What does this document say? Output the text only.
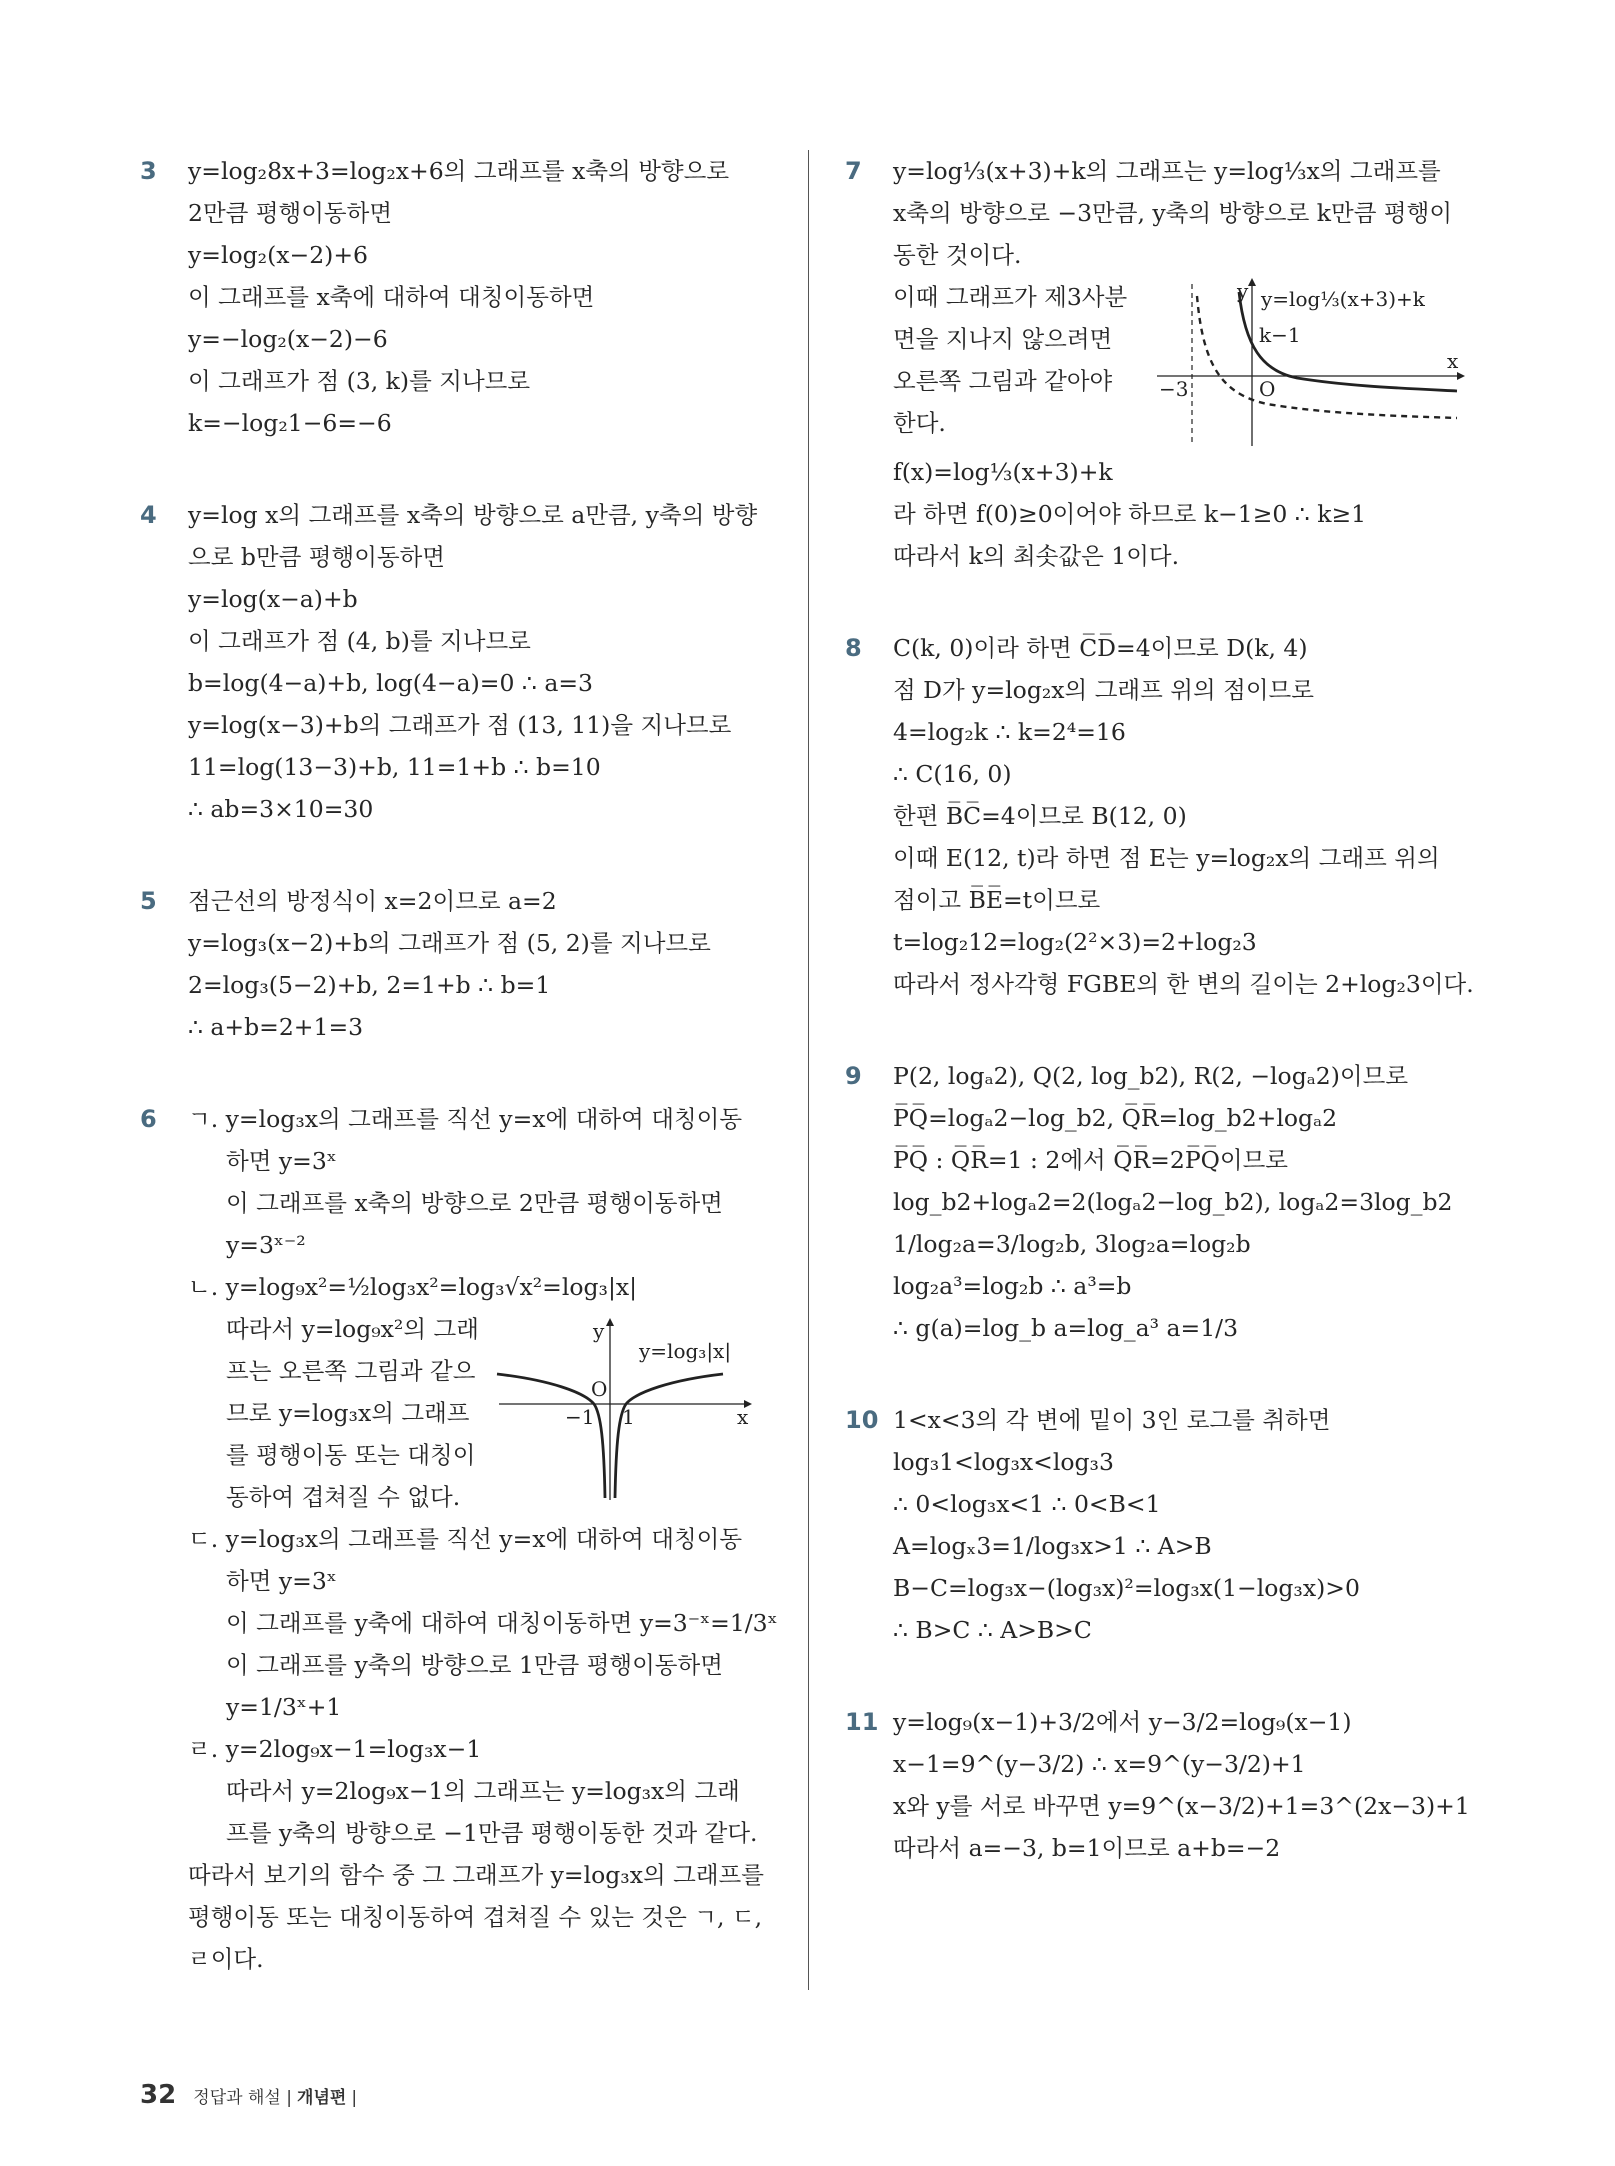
3	y=log₂8x+3=log₂x+6의 그래프를 x축의 방향으로
2만큼 평행이동하면
y=log₂(x−2)+6
이 그래프를 x축에 대하여 대칭이동하면
y=−log₂(x−2)−6
이 그래프가 점 (3, k)를 지나므로
k=−log₂1−6=−6
4	y=log x의 그래프를 x축의 방향으로 a만큼, y축의 방향
으로 b만큼 평행이동하면
y=log(x−a)+b
이 그래프가 점 (4, b)를 지나므로
b=log(4−a)+b, log(4−a)=0 ∴ a=3
y=log(x−3)+b의 그래프가 점 (13, 11)을 지나므로
11=log(13−3)+b, 11=1+b ∴ b=10
∴ ab=3×10=30
5	점근선의 방정식이 x=2이므로 a=2
y=log₃(x−2)+b의 그래프가 점 (5, 2)를 지나므로
2=log₃(5−2)+b, 2=1+b ∴ b=1
∴ a+b=2+1=3
6	ㄱ. y=log₃x의 그래프를 직선 y=x에 대하여 대칭이동
하면 y=3ˣ
이 그래프를 x축의 방향으로 2만큼 평행이동하면
y=3ˣ⁻²
ㄴ. y=log₉x²=½log₃x²=log₃√x²=log₃|x|
따라서 y=log₉x²의 그래
프는 오른쪽 그림과 같으
므로 y=log₃x의 그래프
를 평행이동 또는 대칭이
동하여 겹쳐질 수 없다.
y=log₃|x|
y
x
O
−1 1
ㄷ. y=log₃x의 그래프를 직선 y=x에 대하여 대칭이동
하면 y=3ˣ
이 그래프를 y축에 대하여 대칭이동하면 y=3⁻ˣ=1/3ˣ
이 그래프를 y축의 방향으로 1만큼 평행이동하면
y=1/3ˣ+1
ㄹ. y=2log₉x−1=log₃x−1
따라서 y=2log₉x−1의 그래프는 y=log₃x의 그래
프를 y축의 방향으로 −1만큼 평행이동한 것과 같다.
따라서 보기의 함수 중 그 그래프가 y=log₃x의 그래프를
평행이동 또는 대칭이동하여 겹쳐질 수 있는 것은 ㄱ, ㄷ,
ㄹ이다.
7	y=log⅓(x+3)+k의 그래프는 y=log⅓x의 그래프를
x축의 방향으로 −3만큼, y축의 방향으로 k만큼 평행이
동한 것이다.
이때 그래프가 제3사분
면을 지나지 않으려면
오른쪽 그림과 같아야
한다.
y=log⅓(x+3)+k
k−1
y
x
O
−3
f(x)=log⅓(x+3)+k
라 하면 f(0)≥0이어야 하므로 k−1≥0 ∴ k≥1
따라서 k의 최솟값은 1이다.
8	C(k, 0)이라 하면 C̅D̅=4이므로 D(k, 4)
점 D가 y=log₂x의 그래프 위의 점이므로
4=log₂k ∴ k=2⁴=16
∴ C(16, 0)
한편 B̅C̅=4이므로 B(12, 0)
이때 E(12, t)라 하면 점 E는 y=log₂x의 그래프 위의
점이고 B̅E̅=t이므로
t=log₂12=log₂(2²×3)=2+log₂3
따라서 정사각형 FGBE의 한 변의 길이는 2+log₂3이다.
9	P(2, logₐ2), Q(2, log_b2), R(2, −logₐ2)이므로
P̅Q̅=logₐ2−log_b2, Q̅R̅=log_b2+logₐ2
P̅Q̅ : Q̅R̅=1 : 2에서 Q̅R̅=2P̅Q̅이므로
log_b2+logₐ2=2(logₐ2−log_b2), logₐ2=3log_b2
1/log₂a=3/log₂b, 3log₂a=log₂b
log₂a³=log₂b ∴ a³=b
∴ g(a)=log_b a=log_a³ a=1/3
10 1<x<3의 각 변에 밑이 3인 로그를 취하면
log₃1<log₃x<log₃3
∴ 0<log₃x<1 ∴ 0<B<1
A=logₓ3=1/log₃x>1 ∴ A>B
B−C=log₃x−(log₃x)²=log₃x(1−log₃x)>0
∴ B>C ∴ A>B>C
11 y=log₉(x−1)+3/2에서 y−3/2=log₉(x−1)
x−1=9^(y−3/2) ∴ x=9^(y−3/2)+1
x와 y를 서로 바꾸면 y=9^(x−3/2)+1=3^(2x−3)+1
따라서 a=−3, b=1이므로 a+b=−2
32 정답과 해설 | 개념편 |
